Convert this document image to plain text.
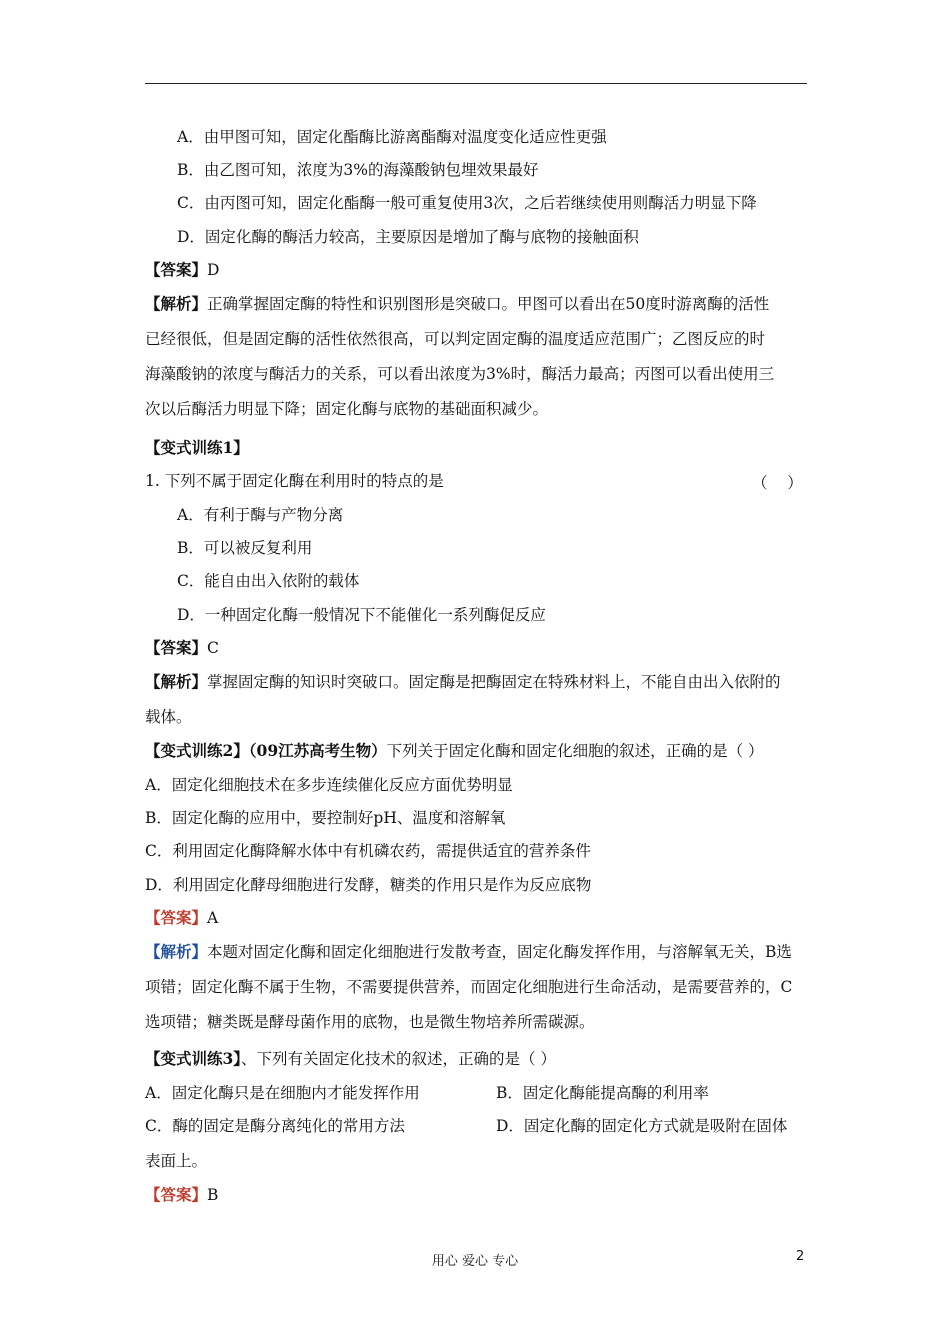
A．由甲图可知，固定化酯酶比游离酯酶对温度变化适应性更强
B．由乙图可知，浓度为3%的海藻酸钠包埋效果最好
C．由丙图可知，固定化酯酶一般可重复使用3次，之后若继续使用则酶活力明显下降
D．固定化酶的酶活力较高，主要原因是增加了酶与底物的接触面积
【答案】D
【解析】正确掌握固定酶的特性和识别图形是突破口。甲图可以看出在50度时游离酶的活性
已经很低，但是固定酶的活性依然很高，可以判定固定酶的温度适应范围广；乙图反应的时
海藻酸钠的浓度与酶活力的关系，可以看出浓度为3%时，酶活力最高；丙图可以看出使用三
次以后酶活力明显下降；固定化酶与底物的基础面积减少。
【变式训练1】
1. 下列不属于固定化酶在利用时的特点的是	（    ）
A．有利于酶与产物分离
B．可以被反复利用
C．能自由出入依附的载体
D．一种固定化酶一般情况下不能催化一系列酶促反应
【答案】C
【解析】掌握固定酶的知识时突破口。固定酶是把酶固定在特殊材料上，不能自由出入依附的
载体。
【变式训练2】（09江苏高考生物）下列关于固定化酶和固定化细胞的叙述，正确的是（ ）
A．固定化细胞技术在多步连续催化反应方面优势明显
B．固定化酶的应用中，要控制好pH、温度和溶解氧
C．利用固定化酶降解水体中有机磷农药，需提供适宜的营养条件
D．利用固定化酵母细胞进行发酵，糖类的作用只是作为反应底物
【答案】A
【解析】本题对固定化酶和固定化细胞进行发散考查，固定化酶发挥作用，与溶解氧无关，B选
项错；固定化酶不属于生物，不需要提供营养，而固定化细胞进行生命活动，是需要营养的，C
选项错；糖类既是酵母菌作用的底物，也是微生物培养所需碳源。
【变式训练3】、下列有关固定化技术的叙述，正确的是（ ）
A．固定化酶只是在细胞内才能发挥作用	B．固定化酶能提高酶的利用率
C．酶的固定是酶分离纯化的常用方法	D．固定化酶的固定化方式就是吸附在固体
表面上。
【答案】B
用心 爱心 专心	2
